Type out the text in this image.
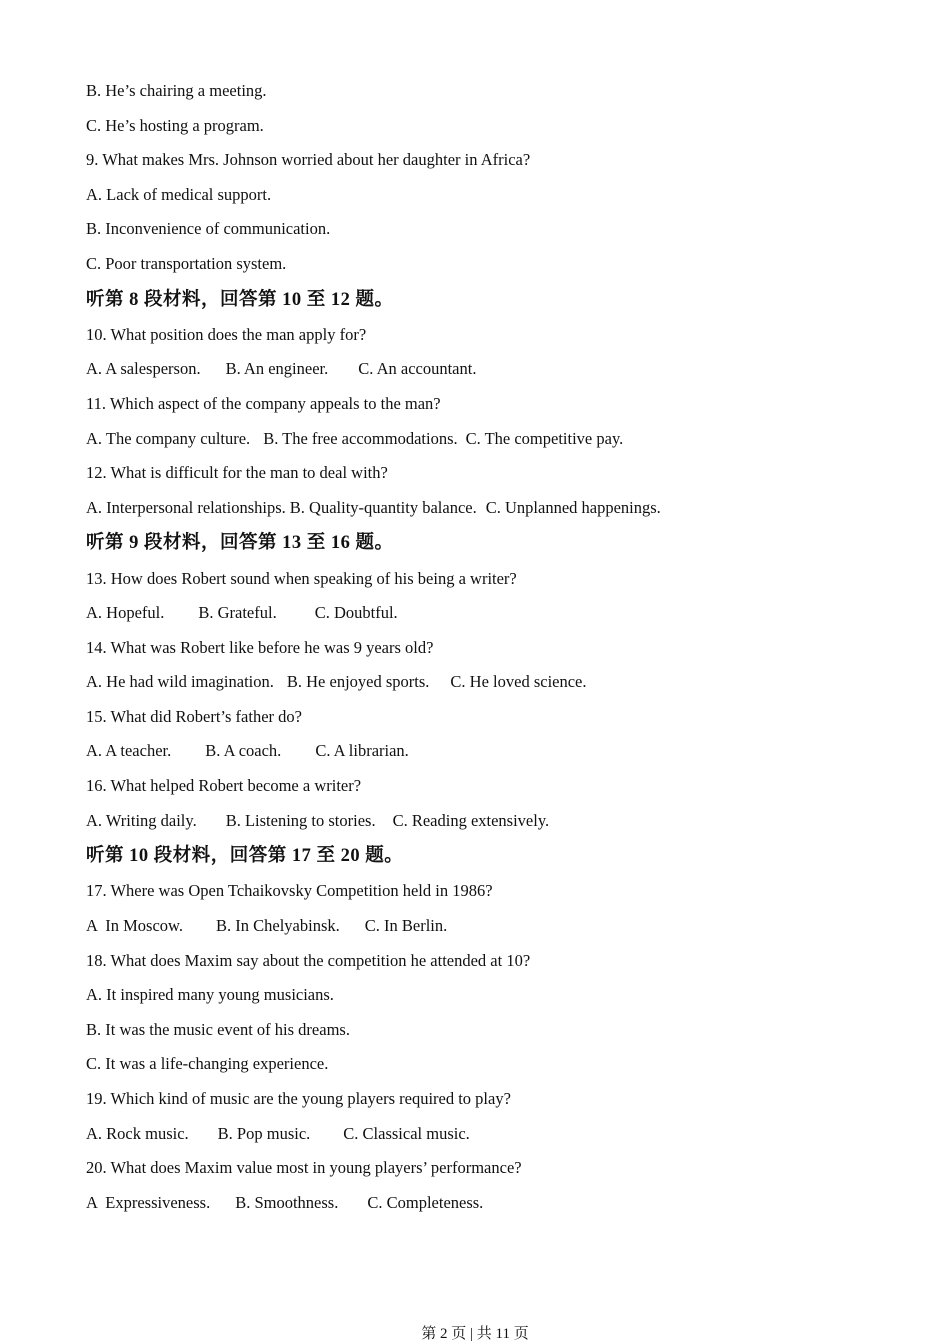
B. He’s chairing a meeting.
C. He’s hosting a program.
9. What makes Mrs. Johnson worried about her daughter in Africa?
A. Lack of medical support.
B. Inconvenience of communication.
C. Poor transportation system.
听第 8 段材料，回答第 10 至 12 题。
10. What position does the man apply for?
A. A salesperson. B. An engineer. C. An accountant.
11. Which aspect of the company appeals to the man?
A. The company culture. B. The free accommodations. C. The competitive pay.
12. What is difficult for the man to deal with?
A. Interpersonal relationships. B. Quality-quantity balance. C. Unplanned happenings.
听第 9 段材料，回答第 13 至 16 题。
13. How does Robert sound when speaking of his being a writer?
A. Hopeful. B. Grateful. C. Doubtful.
14. What was Robert like before he was 9 years old?
A. He had wild imagination. B. He enjoyed sports. C. He loved science.
15. What did Robert’s father do?
A. A teacher. B. A coach. C. A librarian.
16. What helped Robert become a writer?
A. Writing daily. B. Listening to stories. C. Reading extensively.
听第 10 段材料，回答第 17 至 20 题。
17. Where was Open Tchaikovsky Competition held in 1986?
A  In Moscow. B. In Chelyabinsk. C. In Berlin.
18. What does Maxim say about the competition he attended at 10?
A. It inspired many young musicians.
B. It was the music event of his dreams.
C. It was a life-changing experience.
19. Which kind of music are the young players required to play?
A. Rock music. B. Pop music. C. Classical music.
20. What does Maxim value most in young players’ performance?
A  Expressiveness. B. Smoothness. C. Completeness.
第 2 页 | 共 11 页
